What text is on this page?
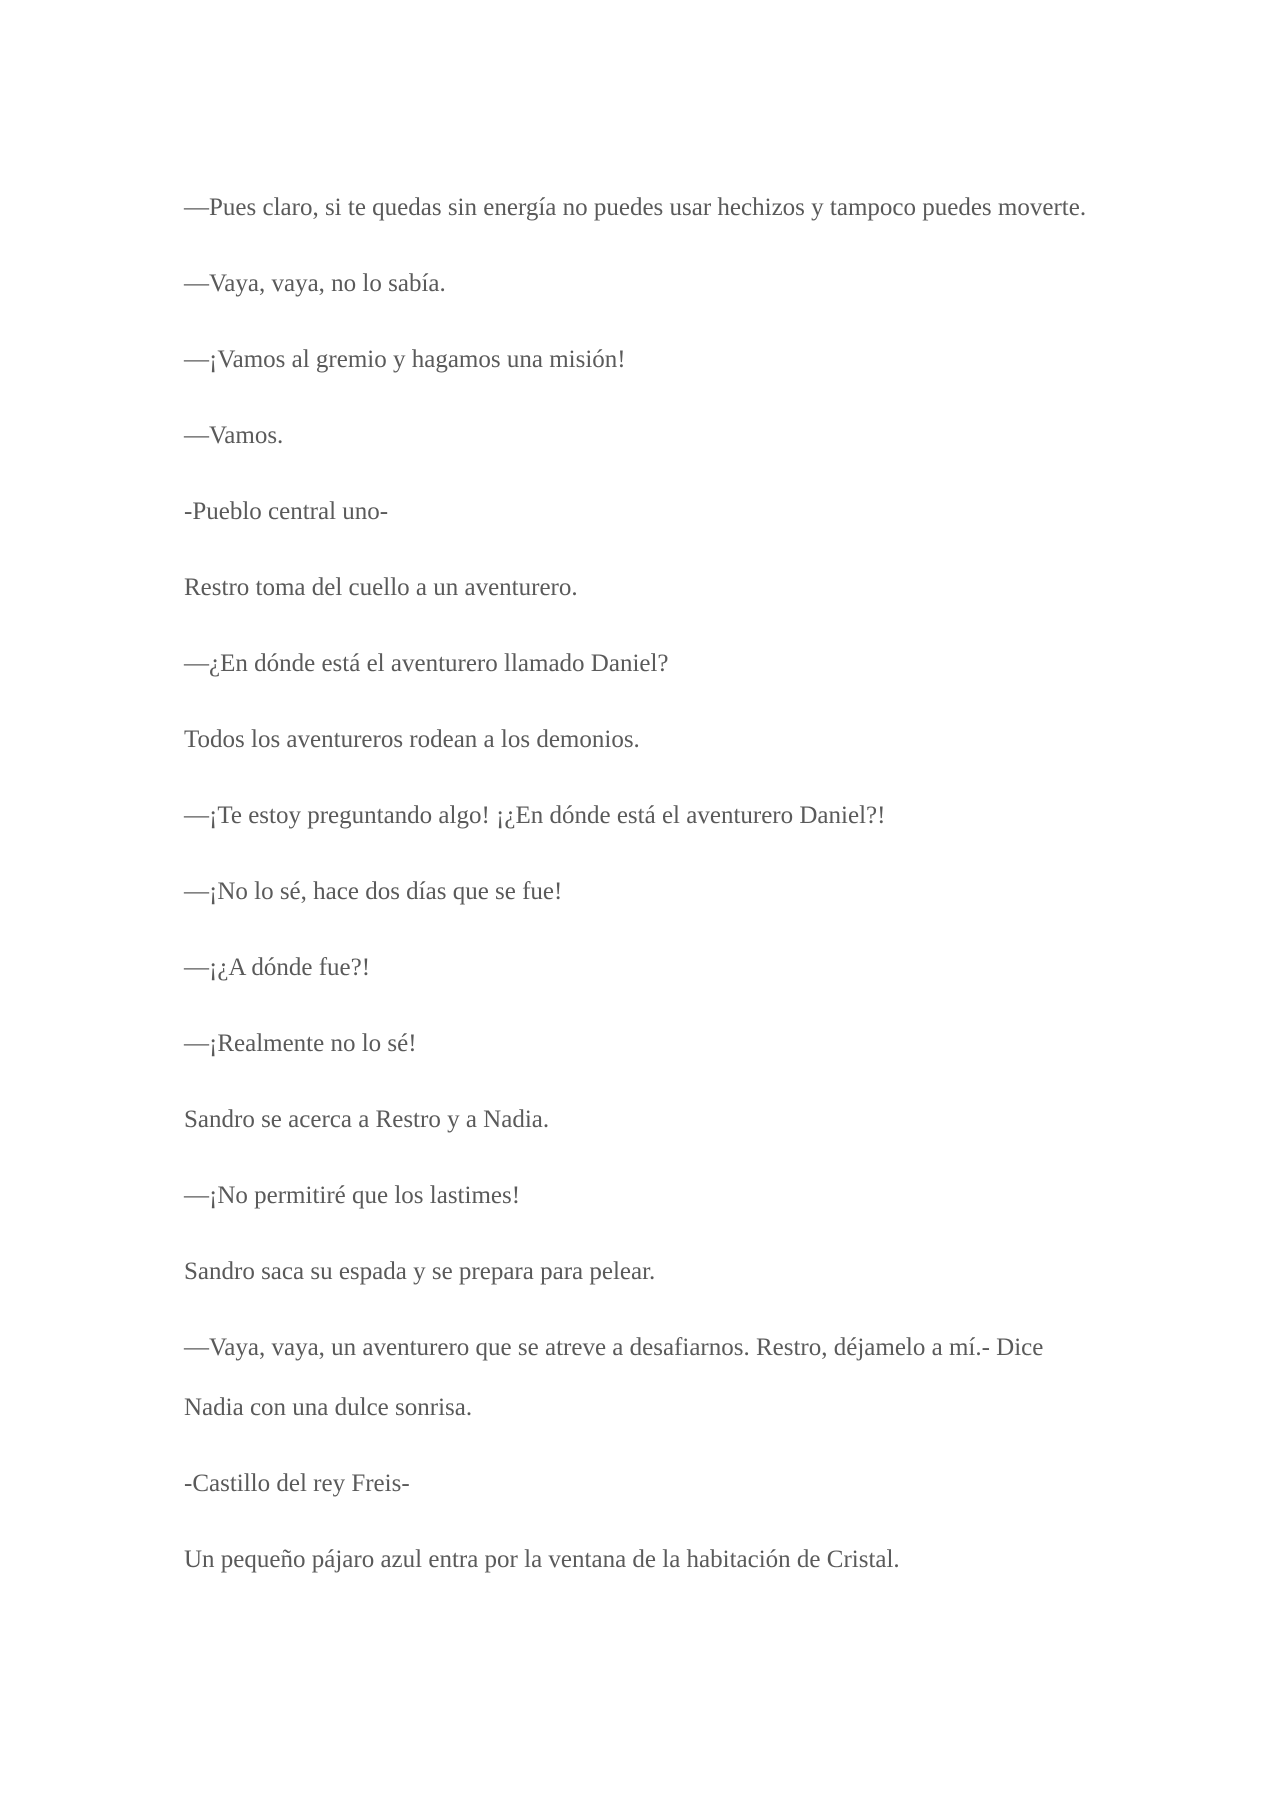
—Pues claro, si te quedas sin energía no puedes usar hechizos y tampoco puedes moverte.

—Vaya, vaya, no lo sabía.

—¡Vamos al gremio y hagamos una misión!

—Vamos.

-Pueblo central uno-

Restro toma del cuello a un aventurero.

—¿En dónde está el aventurero llamado Daniel?

Todos los aventureros rodean a los demonios.

—¡Te estoy preguntando algo! ¡¿En dónde está el aventurero Daniel?!

—¡No lo sé, hace dos días que se fue!

—¡¿A dónde fue?!

—¡Realmente no lo sé!

Sandro se acerca a Restro y a Nadia.

—¡No permitiré que los lastimes!

Sandro saca su espada y se prepara para pelear.

—Vaya, vaya, un aventurero que se atreve a desafiarnos. Restro, déjamelo a mí.- Dice Nadia con una dulce sonrisa.

-Castillo del rey Freis-

Un pequeño pájaro azul entra por la ventana de la habitación de Cristal.
